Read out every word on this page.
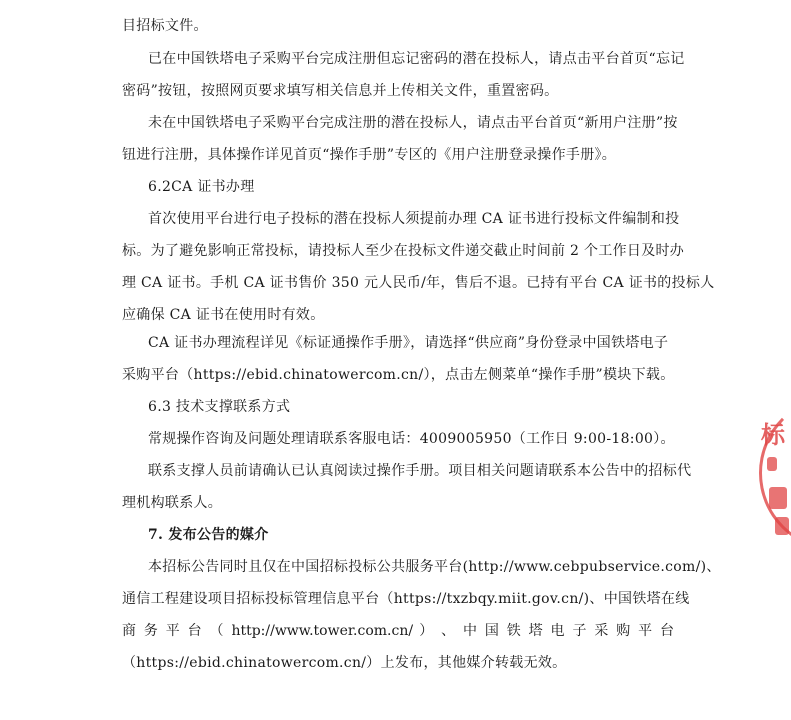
目招标文件。
已在中国铁塔电子采购平台完成注册但忘记密码的潜在投标人，请点击平台首页“忘记
密码”按钮，按照网页要求填写相关信息并上传相关文件，重置密码。
未在中国铁塔电子采购平台完成注册的潜在投标人，请点击平台首页“新用户注册”按
钮进行注册，具体操作详见首页“操作手册”专区的《用户注册登录操作手册》。
6.2CA 证书办理
首次使用平台进行电子投标的潜在投标人须提前办理 CA 证书进行投标文件编制和投
标。为了避免影响正常投标，请投标人至少在投标文件递交截止时间前 2 个工作日及时办
理 CA 证书。手机 CA 证书售价 350 元人民币/年，售后不退。已持有平台 CA 证书的投标人
应确保 CA 证书在使用时有效。
CA 证书办理流程详见《标证通操作手册》，请选择“供应商”身份登录中国铁塔电子
采购平台（https://ebid.chinatowercom.cn/），点击左侧菜单“操作手册”模块下载。
6.3 技术支撑联系方式
常规操作咨询及问题处理请联系客服电话：4009005950（工作日 9:00-18:00）。
联系支撑人员前请确认已认真阅读过操作手册。项目相关问题请联系本公告中的招标代
理机构联系人。
7. 发布公告的媒介
本招标公告同时且仅在中国招标投标公共服务平台(http://www.cebpubservice.com/)、
通信工程建设项目招标投标管理信息平台（https://txzbqy.miit.gov.cn/)、中国铁塔在线
商 务 平 台 （ http://www.tower.com.cn/ ） 、 中 国 铁 塔 电 子 采 购 平 台
（https://ebid.chinatowercom.cn/）上发布，其他媒介转载无效。
标
